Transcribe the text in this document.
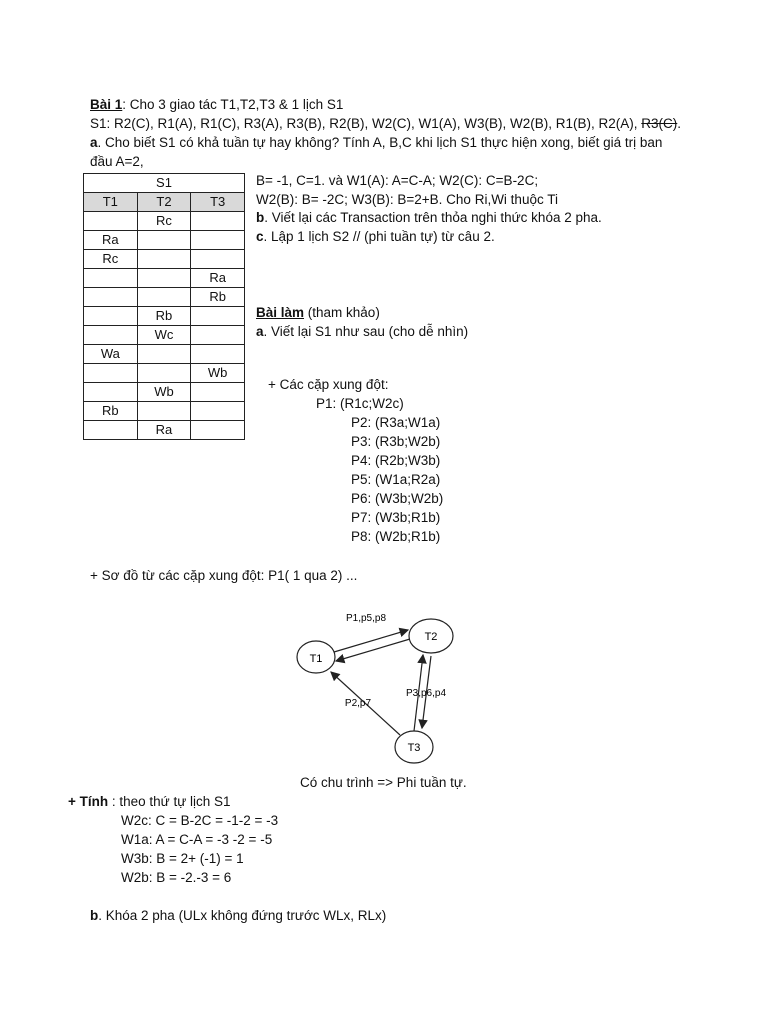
Bài 1: Cho 3 giao tác T1,T2,T3 & 1 lịch S1
S1: R2(C), R1(A), R1(C), R3(A), R3(B), R2(B), W2(C), W1(A), W3(B), W2(B), R1(B), R2(A), R3(C).
a. Cho biết S1 có khả tuần tự hay không? Tính A, B,C khi lịch S1 thực hiện xong, biết giá trị ban
đầu A=2,
B= -1, C=1. và W1(A): A=C-A; W2(C): C=B-2C;
W2(B): B= -2C; W3(B): B=2+B. Cho Ri,Wi thuộc Ti
b. Viết lại các Transaction trên thỏa nghi thức khóa 2 pha.
c. Lập 1 lịch S2 // (phi tuần tự) từ câu 2.
S1		
T1	T2	T3
	Rc	
Ra		
Rc		
		Ra
		Rb
	Rb	
	Wc	
Wa		
		Wb
	Wb	
Rb		
	Ra	
Bài làm (tham khảo)
a. Viết lại S1 như sau (cho dễ nhìn)
+ Các cặp xung đột:
P1: (R1c;W2c)
P2: (R3a;W1a)
P3: (R3b;W2b)
P4: (R2b;W3b)
P5: (W1a;R2a)
P6: (W3b;W2b)
P7: (W3b;R1b)
P8: (W2b;R1b)
+ Sơ đồ từ các cặp xung đột: P1( 1 qua 2) ...
T1
T2
T3
P1,p5,p8
P2,p7
P3,p6,p4
Có chu trình => Phi tuần tự.
+ Tính : theo thứ tự lịch S1
W2c: C = B-2C = -1-2 = -3
W1a: A = C-A = -3 -2 = -5
W3b: B = 2+ (-1) = 1
W2b: B = -2.-3 = 6
b. Khóa 2 pha (ULx không đứng trước WLx, RLx)
